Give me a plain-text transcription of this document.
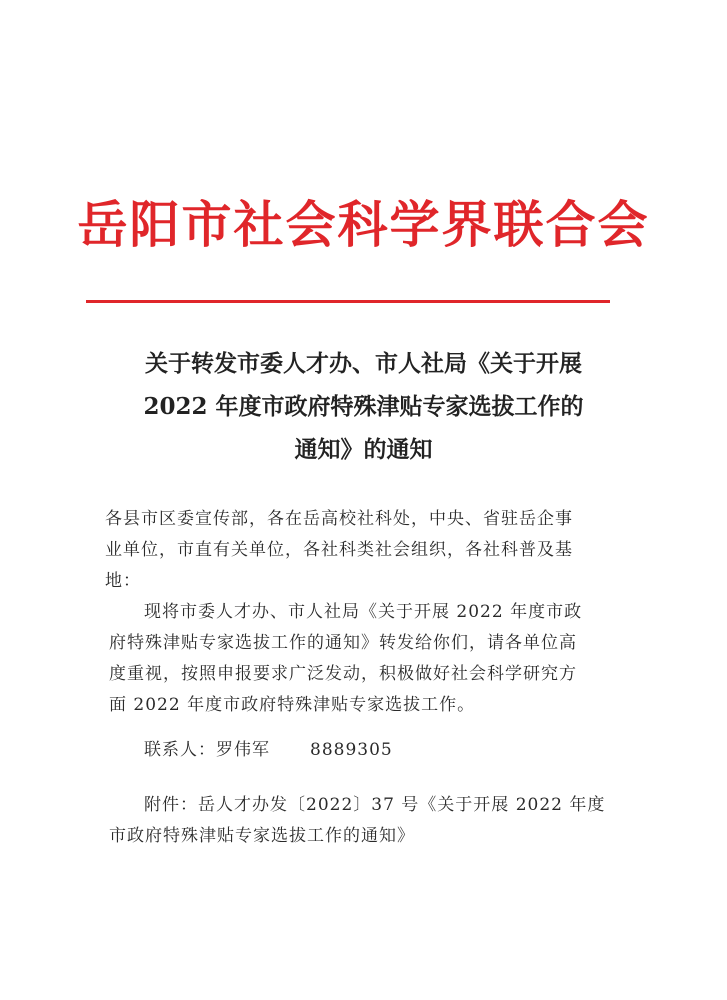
岳阳市社会科学界联合会
关于转发市委人才办、市人社局《关于开展
2022 年度市政府特殊津贴专家选拔工作的
通知》的通知
各县市区委宣传部，各在岳高校社科处，中央、省驻岳企事
业单位，市直有关单位，各社科类社会组织，各社科普及基
地：
现将市委人才办、市人社局《关于开展 2022 年度市政
府特殊津贴专家选拔工作的通知》转发给你们，请各单位高
度重视，按照申报要求广泛发动，积极做好社会科学研究方
面 2022 年度市政府特殊津贴专家选拔工作。
联系人：罗伟军 8889305
附件：岳人才办发〔2022〕37 号《关于开展 2022 年度
市政府特殊津贴专家选拔工作的通知》
